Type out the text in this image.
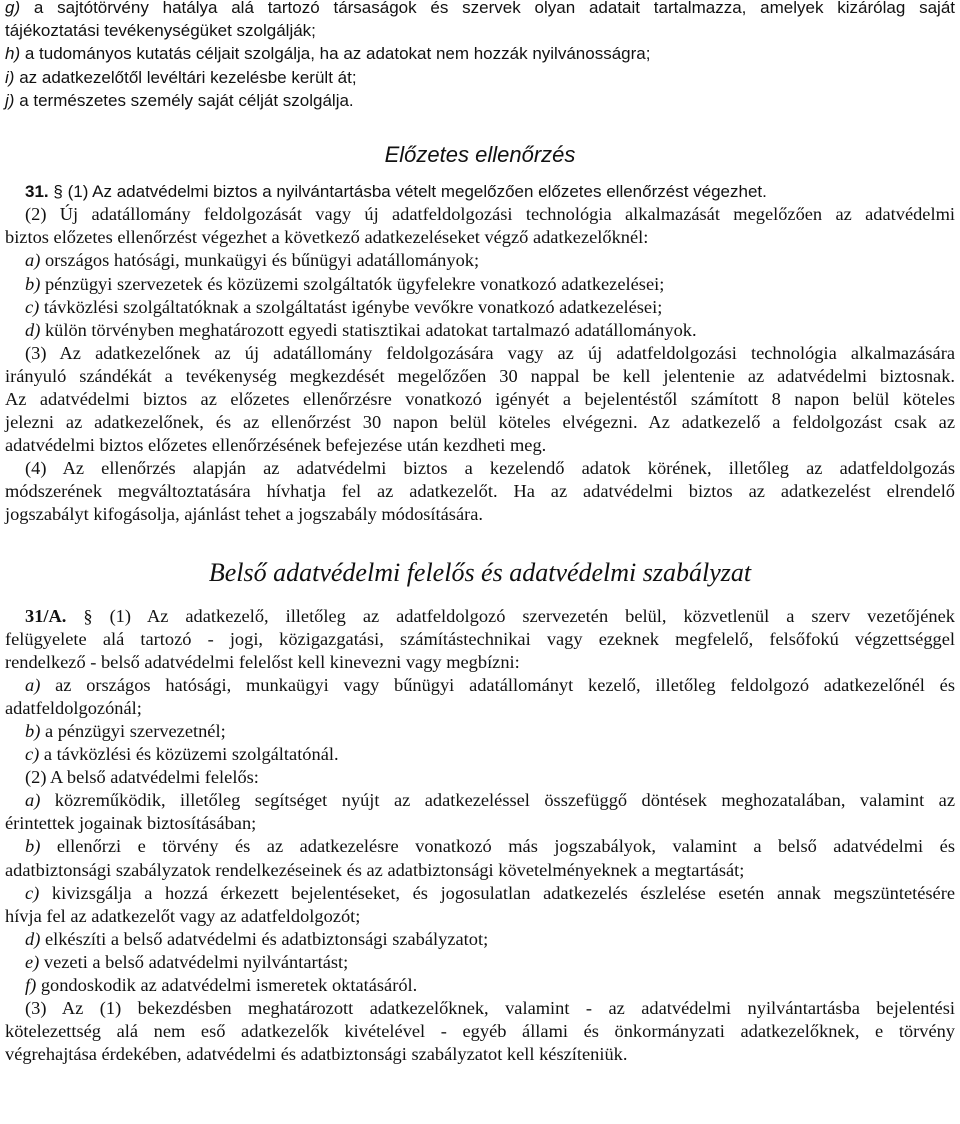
g) a sajtótörvény hatálya alá tartozó társaságok és szervek olyan adatait tartalmazza, amelyek kizárólag saját
tájékoztatási tevékenységüket szolgálják;
h) a tudományos kutatás céljait szolgálja, ha az adatokat nem hozzák nyilvánosságra;
i) az adatkezelőtől levéltári kezelésbe került át;
j) a természetes személy saját célját szolgálja.
Előzetes ellenőrzés
31. § (1) Az adatvédelmi biztos a nyilvántartásba vételt megelőzően előzetes ellenőrzést végezhet.
(2) Új adatállomány feldolgozását vagy új adatfeldolgozási technológia alkalmazását megelőzően az adatvédelmi
biztos előzetes ellenőrzést végezhet a következő adatkezeléseket végző adatkezelőknél:
a) országos hatósági, munkaügyi és bűnügyi adatállományok;
b) pénzügyi szervezetek és közüzemi szolgáltatók ügyfelekre vonatkozó adatkezelései;
c) távközlési szolgáltatóknak a szolgáltatást igénybe vevőkre vonatkozó adatkezelései;
d) külön törvényben meghatározott egyedi statisztikai adatokat tartalmazó adatállományok.
(3) Az adatkezelőnek az új adatállomány feldolgozására vagy az új adatfeldolgozási technológia alkalmazására
irányuló szándékát a tevékenység megkezdését megelőzően 30 nappal be kell jelentenie az adatvédelmi biztosnak.
Az adatvédelmi biztos az előzetes ellenőrzésre vonatkozó igényét a bejelentéstől számított 8 napon belül köteles
jelezni az adatkezelőnek, és az ellenőrzést 30 napon belül köteles elvégezni. Az adatkezelő a feldolgozást csak az
adatvédelmi biztos előzetes ellenőrzésének befejezése után kezdheti meg.
(4) Az ellenőrzés alapján az adatvédelmi biztos a kezelendő adatok körének, illetőleg az adatfeldolgozás
módszerének megváltoztatására hívhatja fel az adatkezelőt. Ha az adatvédelmi biztos az adatkezelést elrendelő
jogszabályt kifogásolja, ajánlást tehet a jogszabály módosítására.
Belső adatvédelmi felelős és adatvédelmi szabályzat
31/A. § (1) Az adatkezelő, illetőleg az adatfeldolgozó szervezetén belül, közvetlenül a szerv vezetőjének
felügyelete alá tartozó - jogi, közigazgatási, számítástechnikai vagy ezeknek megfelelő, felsőfokú végzettséggel
rendelkező - belső adatvédelmi felelőst kell kinevezni vagy megbízni:
a) az országos hatósági, munkaügyi vagy bűnügyi adatállományt kezelő, illetőleg feldolgozó adatkezelőnél és
adatfeldolgozónál;
b) a pénzügyi szervezetnél;
c) a távközlési és közüzemi szolgáltatónál.
(2) A belső adatvédelmi felelős:
a) közreműködik, illetőleg segítséget nyújt az adatkezeléssel összefüggő döntések meghozatalában, valamint az
érintettek jogainak biztosításában;
b) ellenőrzi e törvény és az adatkezelésre vonatkozó más jogszabályok, valamint a belső adatvédelmi és
adatbiztonsági szabályzatok rendelkezéseinek és az adatbiztonsági követelményeknek a megtartását;
c) kivizsgálja a hozzá érkezett bejelentéseket, és jogosulatlan adatkezelés észlelése esetén annak megszüntetésére
hívja fel az adatkezelőt vagy az adatfeldolgozót;
d) elkészíti a belső adatvédelmi és adatbiztonsági szabályzatot;
e) vezeti a belső adatvédelmi nyilvántartást;
f) gondoskodik az adatvédelmi ismeretek oktatásáról.
(3) Az (1) bekezdésben meghatározott adatkezelőknek, valamint - az adatvédelmi nyilvántartásba bejelentési
kötelezettség alá nem eső adatkezelők kivételével - egyéb állami és önkormányzati adatkezelőknek, e törvény
végrehajtása érdekében, adatvédelmi és adatbiztonsági szabályzatot kell készíteniük.
